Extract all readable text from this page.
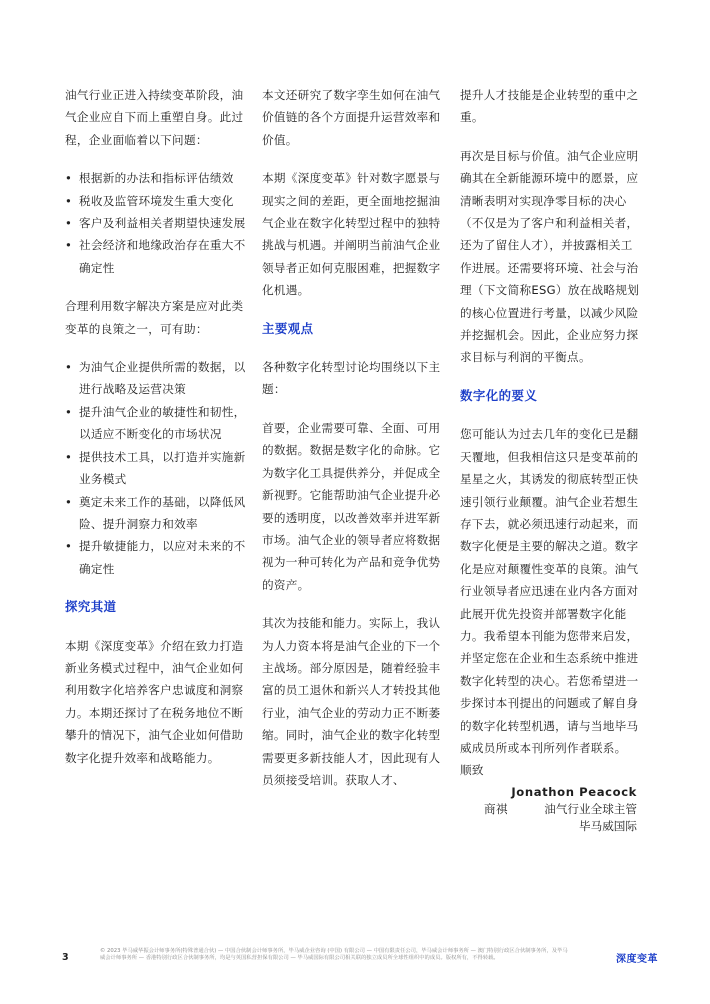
油气行业正进入持续变革阶段，油气企业应自下而上重塑自身。此过程，企业面临着以下问题：

• 根据新的办法和指标评估绩效
• 税收及监管环境发生重大变化
• 客户及利益相关者期望快速发展
• 社会经济和地缘政治存在重大不确定性

合理利用数字解决方案是应对此类变革的良策之一，可有助：

• 为油气企业提供所需的数据，以进行战略及运营决策
• 提升油气企业的敏捷性和韧性，以适应不断变化的市场状况
• 提供技术工具，以打造并实施新业务模式
• 奠定未来工作的基础，以降低风险、提升洞察力和效率
• 提升敏捷能力，以应对未来的不确定性
探究其道

本期《深度变革》介绍在致力打造新业务模式过程中，油气企业如何利用数字化培养客户忠诚度和洞察力。本期还探讨了在税务地位不断攀升的情况下，油气企业如何借助数字化提升效率和战略能力。

本文还研究了数字孪生如何在油气价值链的各个方面提升运营效率和价值。

本期《深度变革》针对数字愿景与现实之间的差距，更全面地挖掘油气企业在数字化转型过程中的独特挑战与机遇。并阐明当前油气企业领导者正如何克服困难，把握数字化机遇。

主要观点

各种数字化转型讨论均围绕以下主题：

首要，企业需要可靠、全面、可用的数据。数据是数字化的命脉。它为数字化工具提供养分，并促成全新视野。它能帮助油气企业提升必要的透明度，以改善效率并进军新市场。油气企业的领导者应将数据视为一种可转化为产品和竞争优势的资产。

其次为技能和能力。实际上，我认为人力资本将是油气企业的下一个主战场。部分原因是，随着经验丰富的员工退休和新兴人才转投其他行业，油气企业的劳动力正不断萎缩。同时，油气企业的数字化转型需要更多新技能人才，因此现有人员须接受培训。获取人才、

提升人才技能是企业转型的重中之重。

再次是目标与价值。油气企业应明确其在全新能源环境中的愿景，应清晰表明对实现净零目标的决心（不仅是为了客户和利益相关者，还为了留住人才），并披露相关工作进展。还需要将环境、社会与治理（下文简称ESG）放在战略规划的核心位置进行考量，以减少风险并挖掘机会。因此，企业应努力探求目标与利润的平衡点。

数字化的要义

您可能认为过去几年的变化已是翻天覆地，但我相信这只是变革前的星星之火，其诱发的彻底转型正快速引领行业颠覆。油气企业若想生存下去，就必须迅速行动起来，而数字化便是主要的解决之道。数字化是应对颠覆性变革的良策。油气行业领导者应迅速在业内各方面对此展开优先投资并部署数字化能力。我希望本刊能为您带来启发，并坚定您在企业和生态系统中推进数字化转型的决心。若您希望进一步探讨本刊提出的问题或了解自身的数字化转型机遇，请与当地毕马威成员所或本刊所列作者联系。

顺致

商祺

Jonathon Peacock
油气行业全球主管
毕马威国际
3
© 2023 毕马威华振会计师事务所(特殊普通合伙) — 中国合伙制会计师事务所，毕马威企业咨询 (中国) 有限公司 — 中国有限责任公司，毕马威会计师事务所 — 澳门特别行政区合伙制事务所，及毕马威会计师事务所 — 香港特别行政区合伙制事务所，均是与英国私营担保有限公司 — 毕马威国际有限公司相关联的独立成员所全球性组织中的成员。版权所有，不得转载。	深度变革
